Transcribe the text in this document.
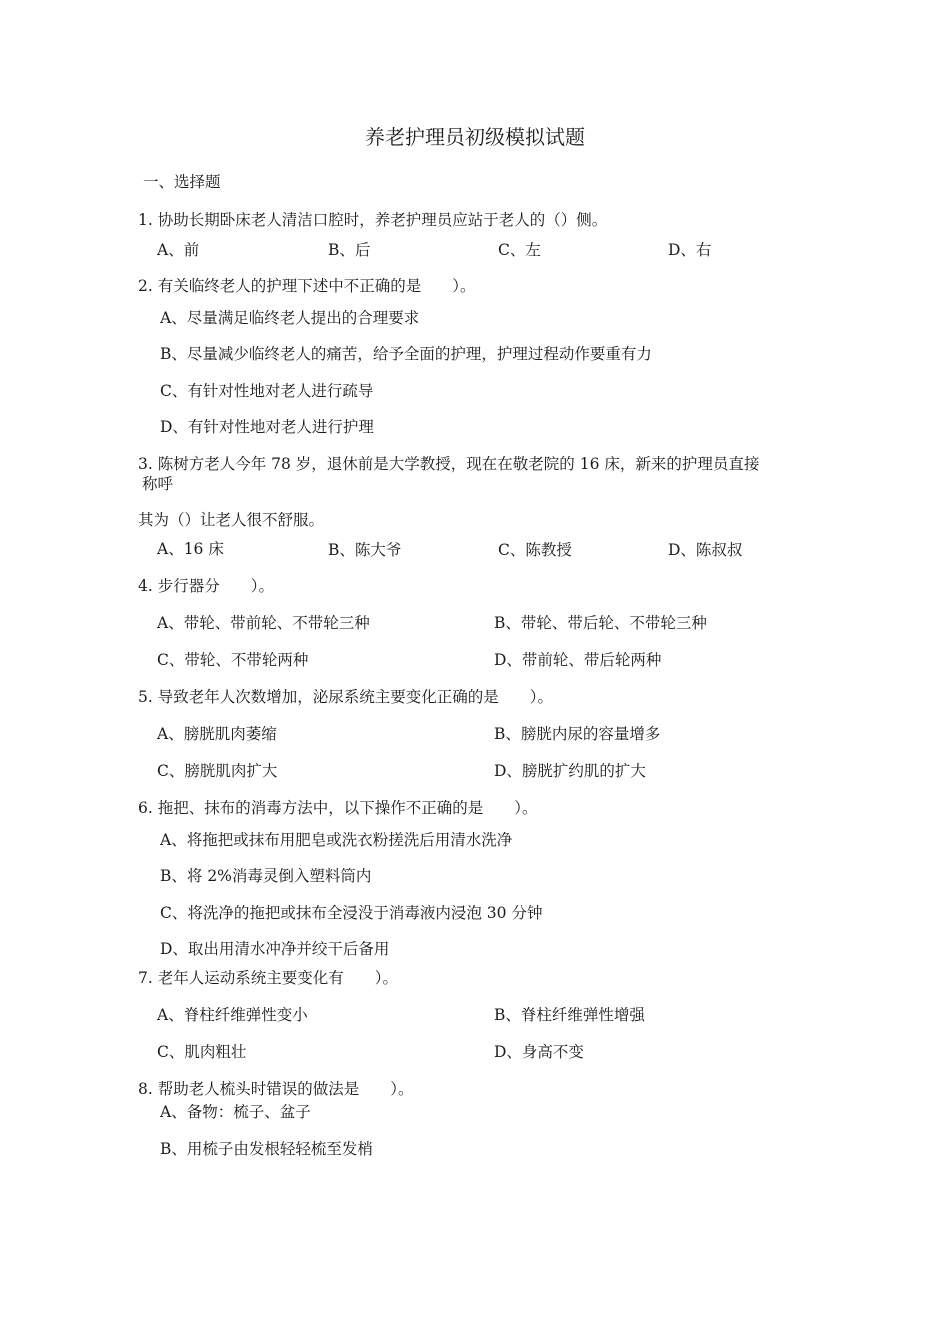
养老护理员初级模拟试题
一、选择题
1. 协助长期卧床老人清洁口腔时，养老护理员应站于老人的（）侧。
A、前	B、后	C、左	D、右
2. 有关临终老人的护理下述中不正确的是　　）。
A、尽量满足临终老人提出的合理要求
B、尽量减少临终老人的痛苦，给予全面的护理，护理过程动作要重有力
C、有针对性地对老人进行疏导
D、有针对性地对老人进行护理
3. 陈树方老人今年 78 岁，退休前是大学教授，现在在敬老院的 16 床，新来的护理员直接
称呼
其为（）让老人很不舒服。
A、16 床	B、陈大爷	C、陈教授	D、陈叔叔
4. 步行器分　　）。
A、带轮、带前轮、不带轮三种	B、带轮、带后轮、不带轮三种
C、带轮、不带轮两种	D、带前轮、带后轮两种
5. 导致老年人次数增加，泌尿系统主要变化正确的是　　）。
A、膀胱肌肉萎缩	B、膀胱内尿的容量增多
C、膀胱肌肉扩大	D、膀胱扩约肌的扩大
6. 拖把、抹布的消毒方法中，以下操作不正确的是　　）。
A、将拖把或抹布用肥皂或洗衣粉搓洗后用清水洗净
B、将 2%消毒灵倒入塑料筒内
C、将洗净的拖把或抹布全浸没于消毒液内浸泡 30 分钟
D、取出用清水冲净并绞干后备用
7. 老年人运动系统主要变化有　　）。
A、脊柱纤维弹性变小	B、脊柱纤维弹性增强
C、肌肉粗壮	D、身高不变
8. 帮助老人梳头时错误的做法是　　）。
A、备物：梳子、盆子
B、用梳子由发根轻轻梳至发梢
